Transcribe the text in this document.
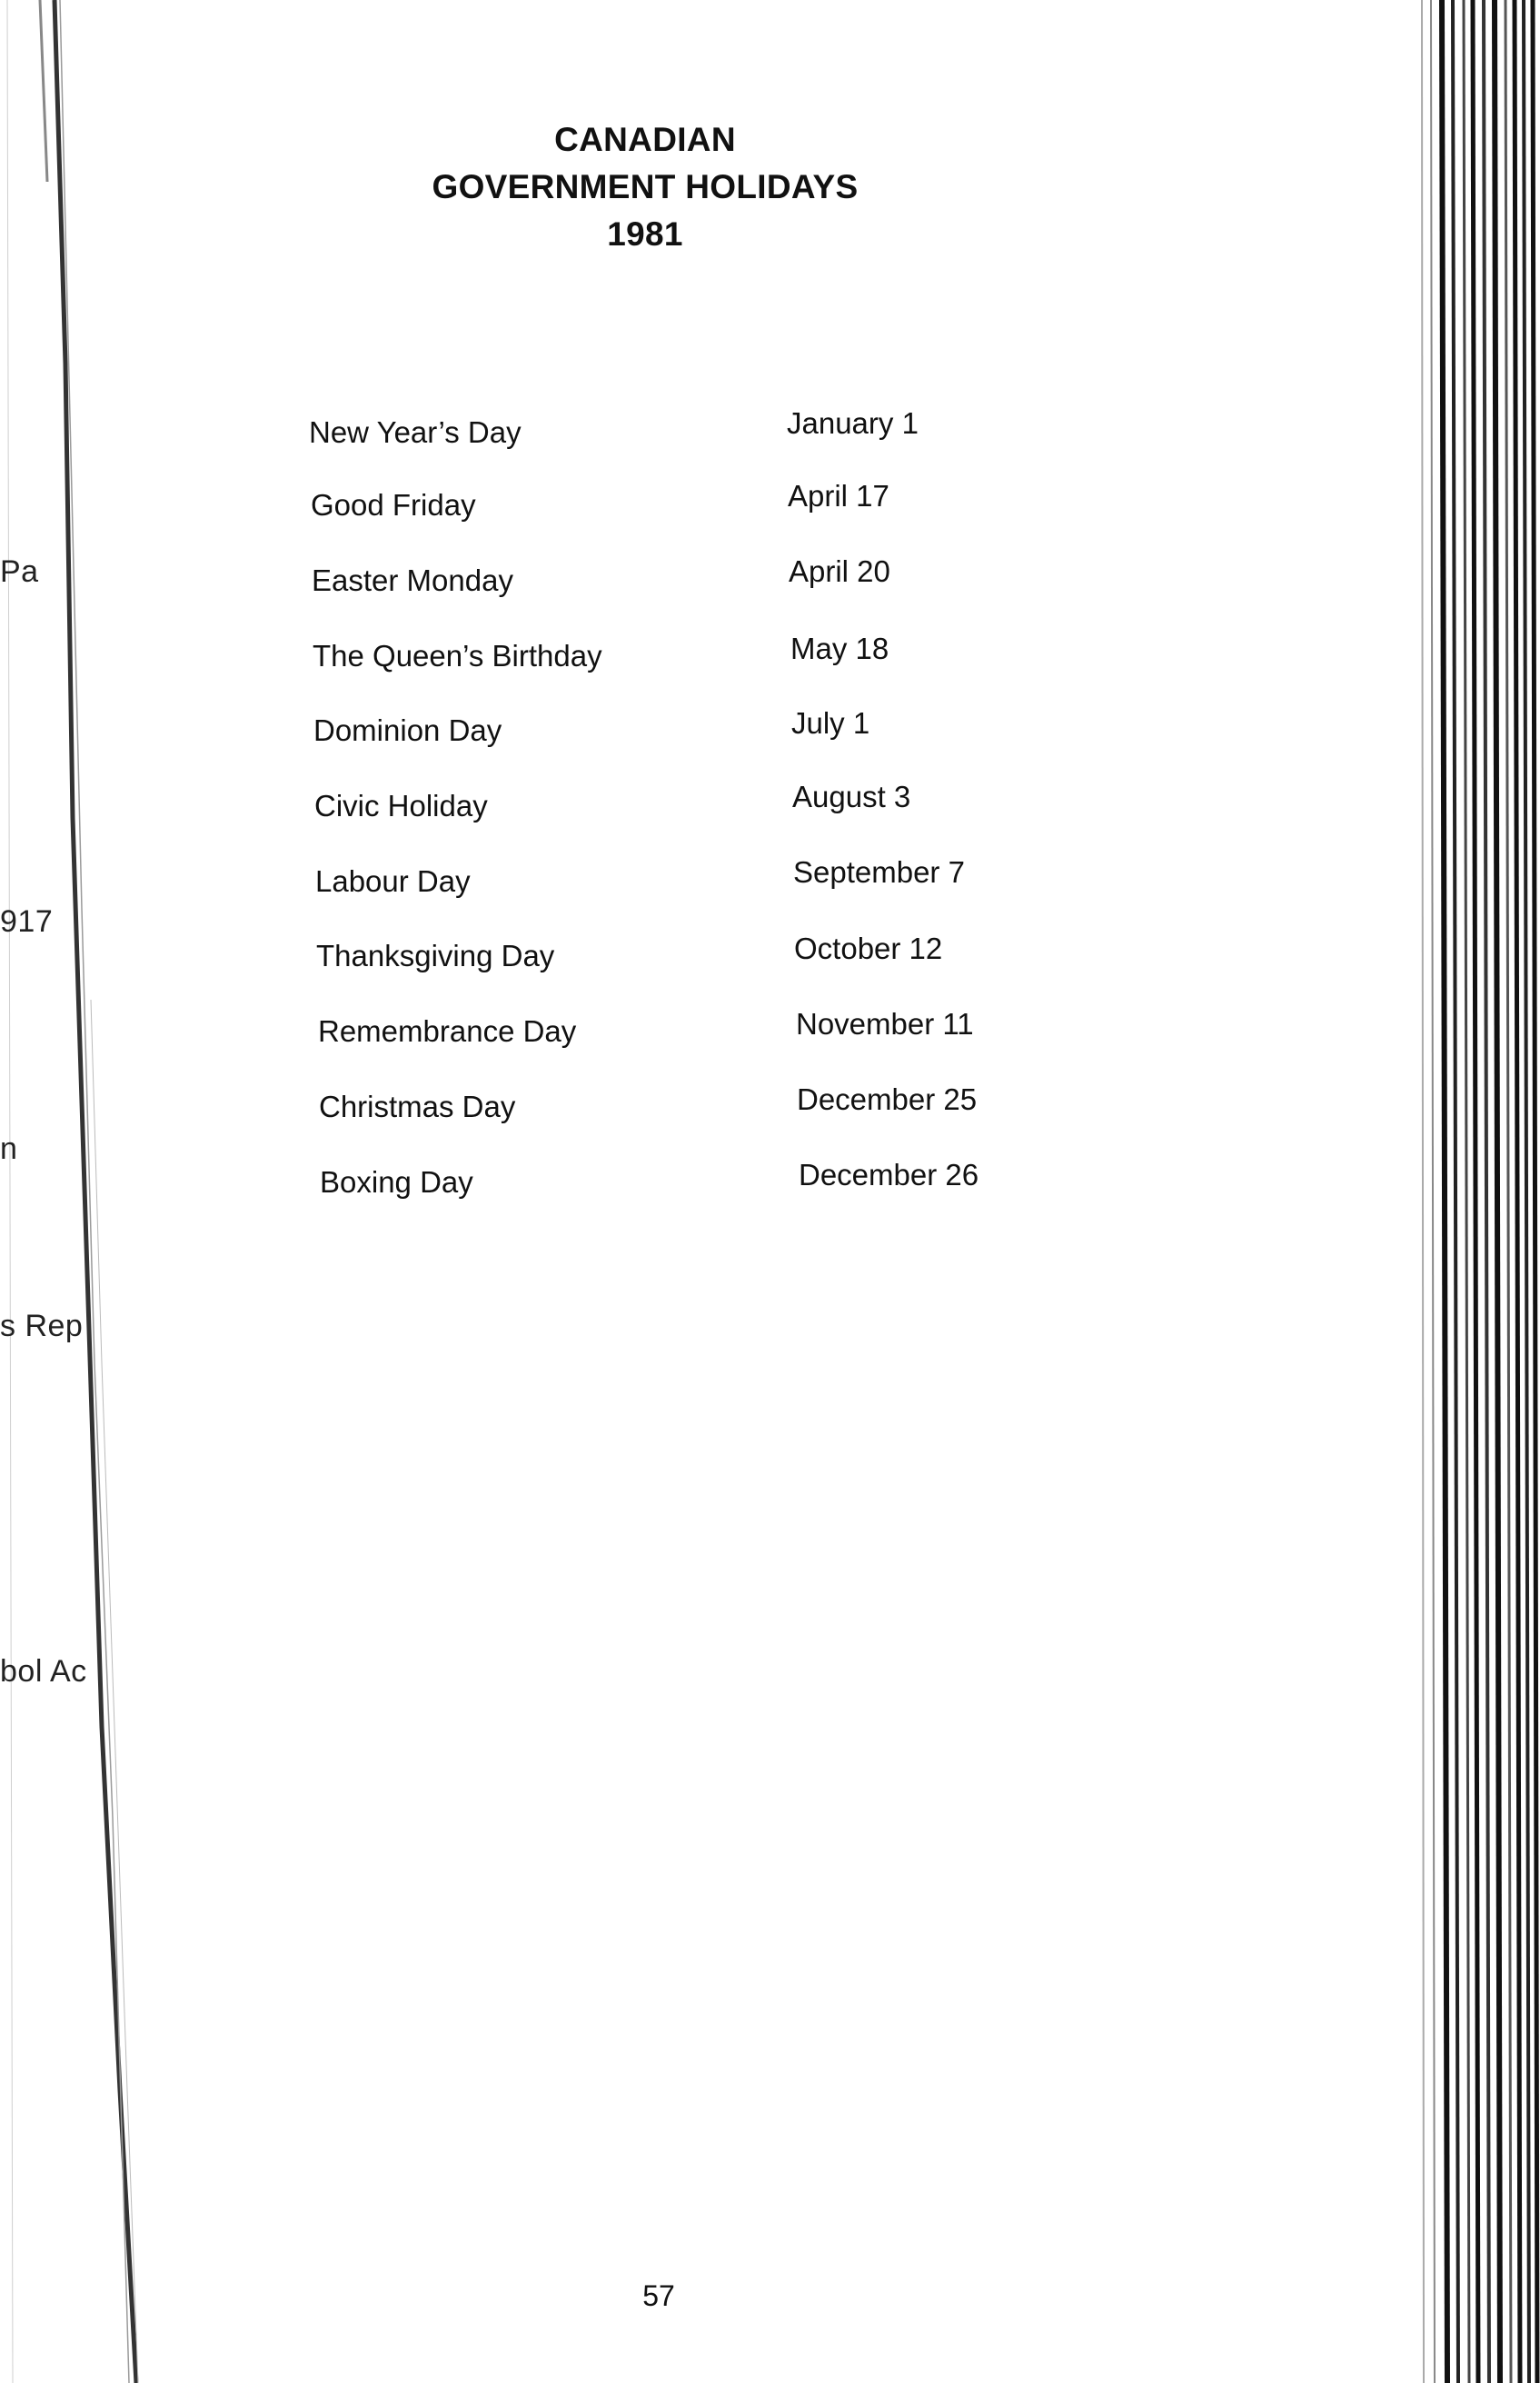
Pa
917
n
s Rep
bol Ac
CANADIAN
GOVERNMENT HOLIDAYS
1981
New Year’s Day	January 1
Good Friday	April 17
Easter Monday	April 20
The Queen’s Birthday	May 18
Dominion Day	July 1
Civic Holiday	August 3
Labour Day	September 7
Thanksgiving Day	October 12
Remembrance Day	November 11
Christmas Day	December 25
Boxing Day	December 26
57
